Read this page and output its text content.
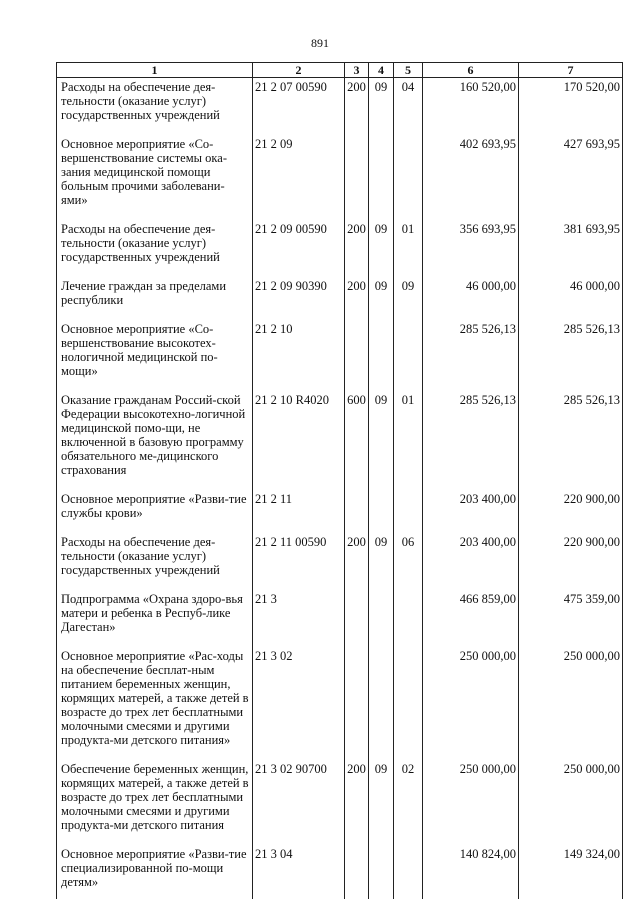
891
1	2	3	4	5	6	7
Расходы на обеспечение дея-тельности (оказание услуг) государственных учреждений	21 2 07 00590	200	09	04	160 520,00	170 520,00
Основное мероприятие «Со-вершенствование системы ока-зания медицинской помощи больным прочими заболевани-ями»	21 2 09				402 693,95	427 693,95
Расходы на обеспечение дея-тельности (оказание услуг) государственных учреждений	21 2 09 00590	200	09	01	356 693,95	381 693,95
Лечение граждан за пределами республики	21 2 09 90390	200	09	09	46 000,00	46 000,00
Основное мероприятие «Со-вершенствование высокотех-нологичной медицинской по-мощи»	21 2 10				285 526,13	285 526,13
Оказание гражданам Россий-ской Федерации высокотехно-логичной медицинской помо-щи, не включенной в базовую программу обязательного ме-дицинского страхования	21 2 10 R4020	600	09	01	285 526,13	285 526,13
Основное мероприятие «Разви-тие службы крови»	21 2 11				203 400,00	220 900,00
Расходы на обеспечение дея-тельности (оказание услуг) государственных учреждений	21 2 11 00590	200	09	06	203 400,00	220 900,00
Подпрограмма «Охрана здоро-вья матери и ребенка в Респуб-лике Дагестан»	21 3				466 859,00	475 359,00
Основное мероприятие «Рас-ходы на обеспечение бесплат-ным питанием беременных женщин, кормящих матерей, а также детей в возрасте до трех лет бесплатными молочными смесями и другими продукта-ми детского питания»	21 3 02				250 000,00	250 000,00
Обеспечение беременных женщин, кормящих матерей, а также детей в возрасте до трех лет бесплатными молочными смесями и другими продукта-ми детского питания	21 3 02 90700	200	09	02	250 000,00	250 000,00
Основное мероприятие «Разви-тие специализированной по-мощи детям»	21 3 04				140 824,00	149 324,00
